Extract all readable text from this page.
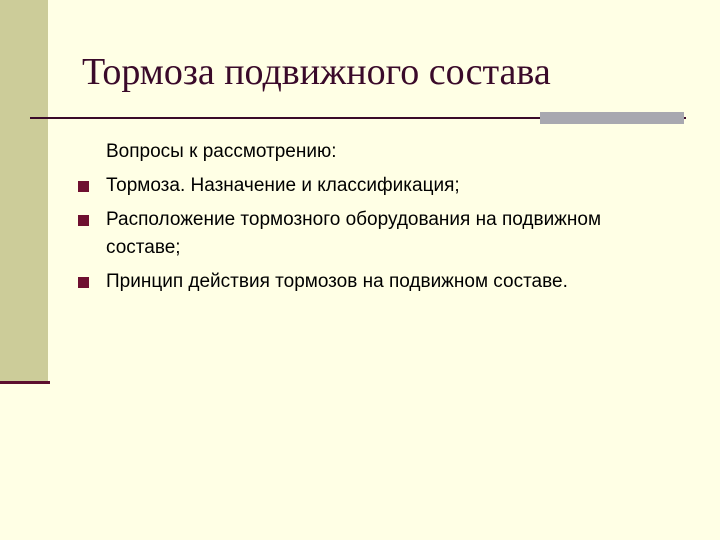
Тормоза подвижного состава
Вопросы к рассмотрению:
Тормоза. Назначение и классификация;
Расположение тормозного оборудования на подвижном составе;
Принцип действия тормозов на подвижном составе.
